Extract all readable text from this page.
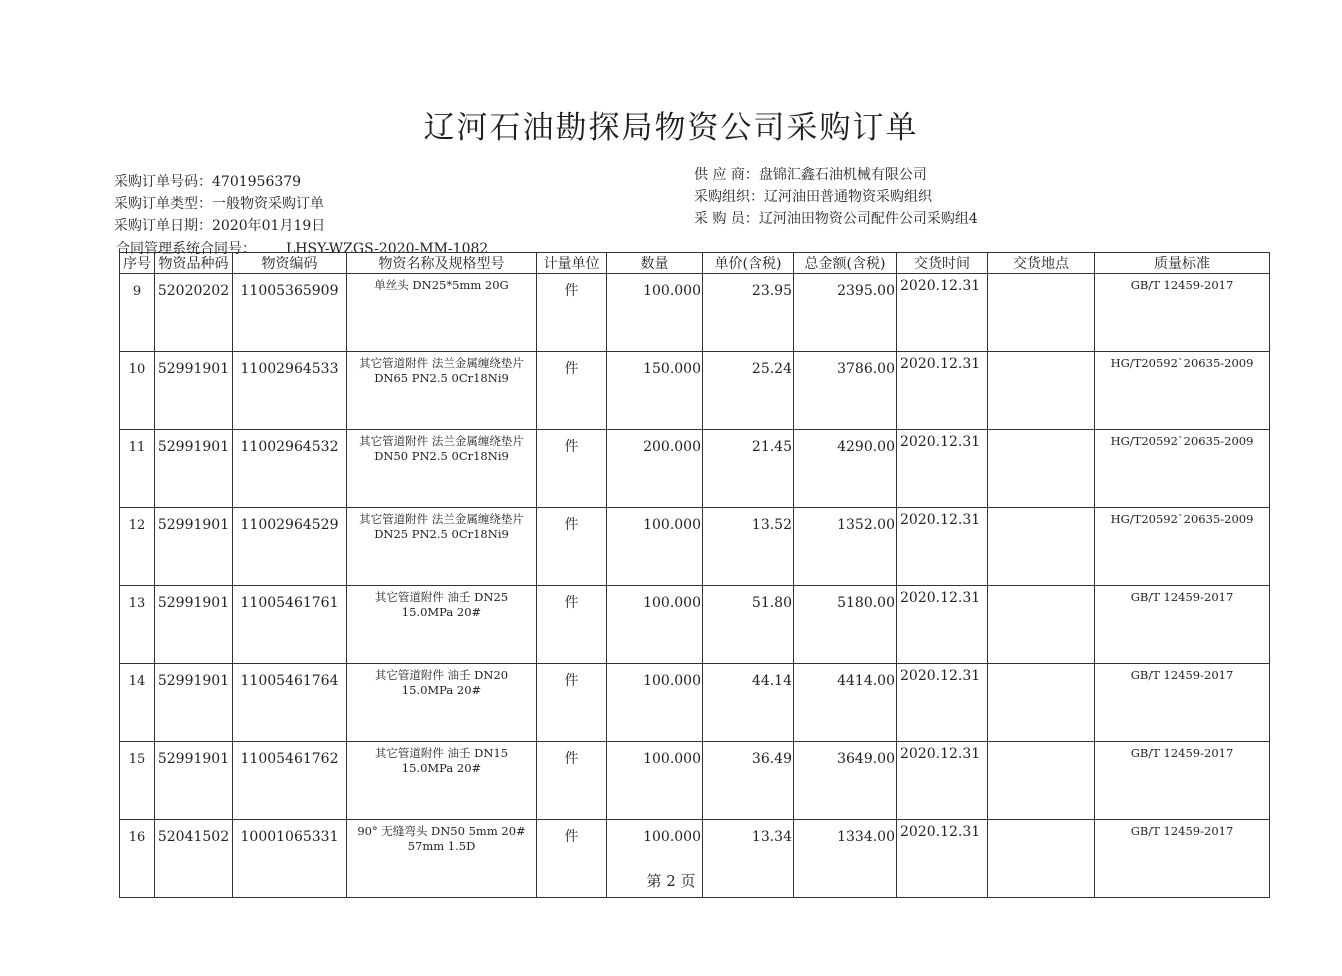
辽河石油勘探局物资公司采购订单
采购订单号码：4701956379
采购订单类型：一般物资采购订单
采购订单日期：2020年01月19日
供 应 商：盘锦汇鑫石油机械有限公司
采购组织：辽河油田普通物资采购组织
采 购 员：辽河油田物资公司配件公司采购组4
合同管理系统合同号： LHSY-WZGS-2020-MM-1082
序号	物资品种码	物资编码	物资名称及规格型号	计量单位	数量	单价(含税)	总金额(含税)	交货时间	交货地点	质量标准
9	52020202	11005365909	单丝头 DN25*5mm 20G	件	100.000	23.95	2395.00	2020.12.31		GB/T 12459-2017
10	52991901	11002964533	其它管道附件 法兰金属缠绕垫片
DN65 PN2.5 0Cr18Ni9	件	150.000	25.24	3786.00	2020.12.31		HG/T20592`20635-2009
11	52991901	11002964532	其它管道附件 法兰金属缠绕垫片
DN50 PN2.5 0Cr18Ni9	件	200.000	21.45	4290.00	2020.12.31		HG/T20592`20635-2009
12	52991901	11002964529	其它管道附件 法兰金属缠绕垫片
DN25 PN2.5 0Cr18Ni9	件	100.000	13.52	1352.00	2020.12.31		HG/T20592`20635-2009
13	52991901	11005461761	其它管道附件 油壬 DN25
15.0MPa 20#	件	100.000	51.80	5180.00	2020.12.31		GB/T 12459-2017
14	52991901	11005461764	其它管道附件 油壬 DN20
15.0MPa 20#	件	100.000	44.14	4414.00	2020.12.31		GB/T 12459-2017
15	52991901	11005461762	其它管道附件 油壬 DN15
15.0MPa 20#	件	100.000	36.49	3649.00	2020.12.31		GB/T 12459-2017
16	52041502	10001065331	90° 无缝弯头 DN50 5mm 20#
57mm 1.5D	件	100.000	13.34	1334.00	2020.12.31		GB/T 12459-2017
第 2 页
